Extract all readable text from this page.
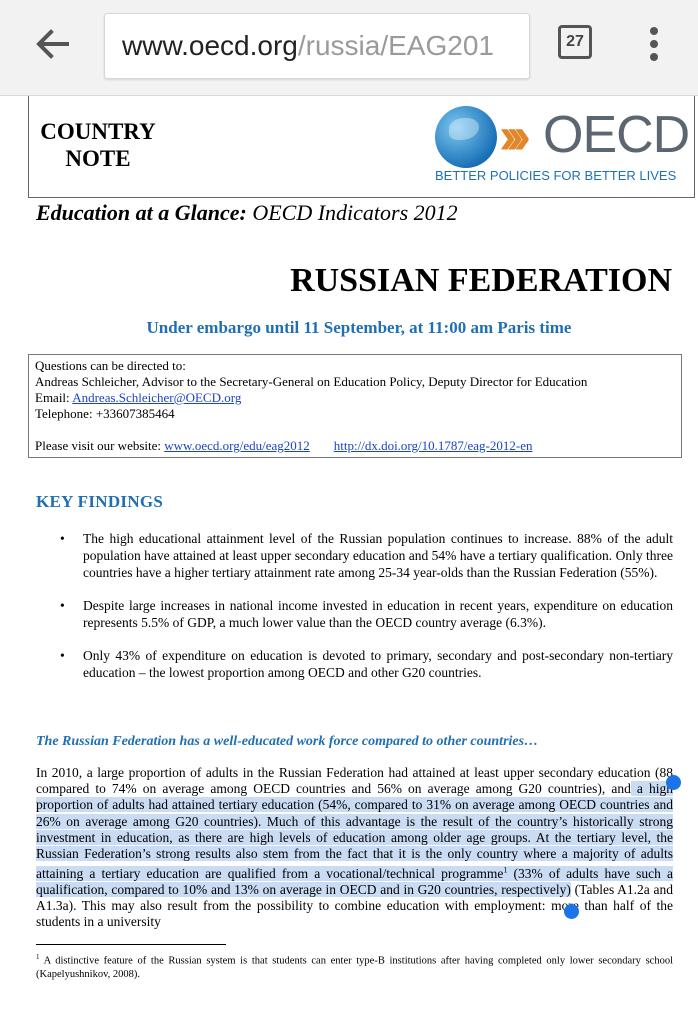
www.oecd.org /russia/EAG201	27
COUNTRY
NOTE	››› OECD
BETTER POLICIES FOR BETTER LIVES
Education at a Glance: OECD Indicators 2012
RUSSIAN FEDERATION
Under embargo until 11 September, at 11:00 am Paris time
Questions can be directed to:
Andreas Schleicher, Advisor to the Secretary-General on Education Policy, Deputy Director for Education
Email: Andreas.Schleicher@OECD.org
Telephone: +33607385464
Please visit our website: www.oecd.org/edu/eag2012 http://dx.doi.org/10.1787/eag-2012-en
KEY FINDINGS
• The high educational attainment level of the Russian population continues to increase. 88% of the adult population have attained at least upper secondary education and 54% have a tertiary qualification. Only three countries have a higher tertiary attainment rate among 25-34 year-olds than the Russian Federation (55%).
• Despite large increases in national income invested in education in recent years, expenditure on education represents 5.5% of GDP, a much lower value than the OECD country average (6.3%).
• Only 43% of expenditure on education is devoted to primary, secondary and post-secondary non-tertiary education – the lowest proportion among OECD and other G20 countries.
The Russian Federation has a well-educated work force compared to other countries…
In 2010, a large proportion of adults in the Russian Federation had attained at least upper secondary education (88 compared to 74% on average among OECD countries and 56% on average among G20 countries), and a high proportion of adults had attained tertiary education (54%, compared to 31% on average among OECD countries and 26% on average among G20 countries). Much of this advantage is the result of the country’s historically strong investment in education, as there are high levels of education among older age groups. At the tertiary level, the Russian Federation’s strong results also stem from the fact that it is the only country where a majority of adults attaining a tertiary education are qualified from a vocational/technical programme$^1$ (33% of adults have such a qualification, compared to 10% and 13% on average in OECD and in G20 countries, respectively) (Tables A1.2a and A1.3a). This may also result from the possibility to combine education with employment: more than half of the students in a university
$^1$ A distinctive feature of the Russian system is that students can enter type-B institutions after having completed only lower secondary school (Kapelyushnikov, 2008).
